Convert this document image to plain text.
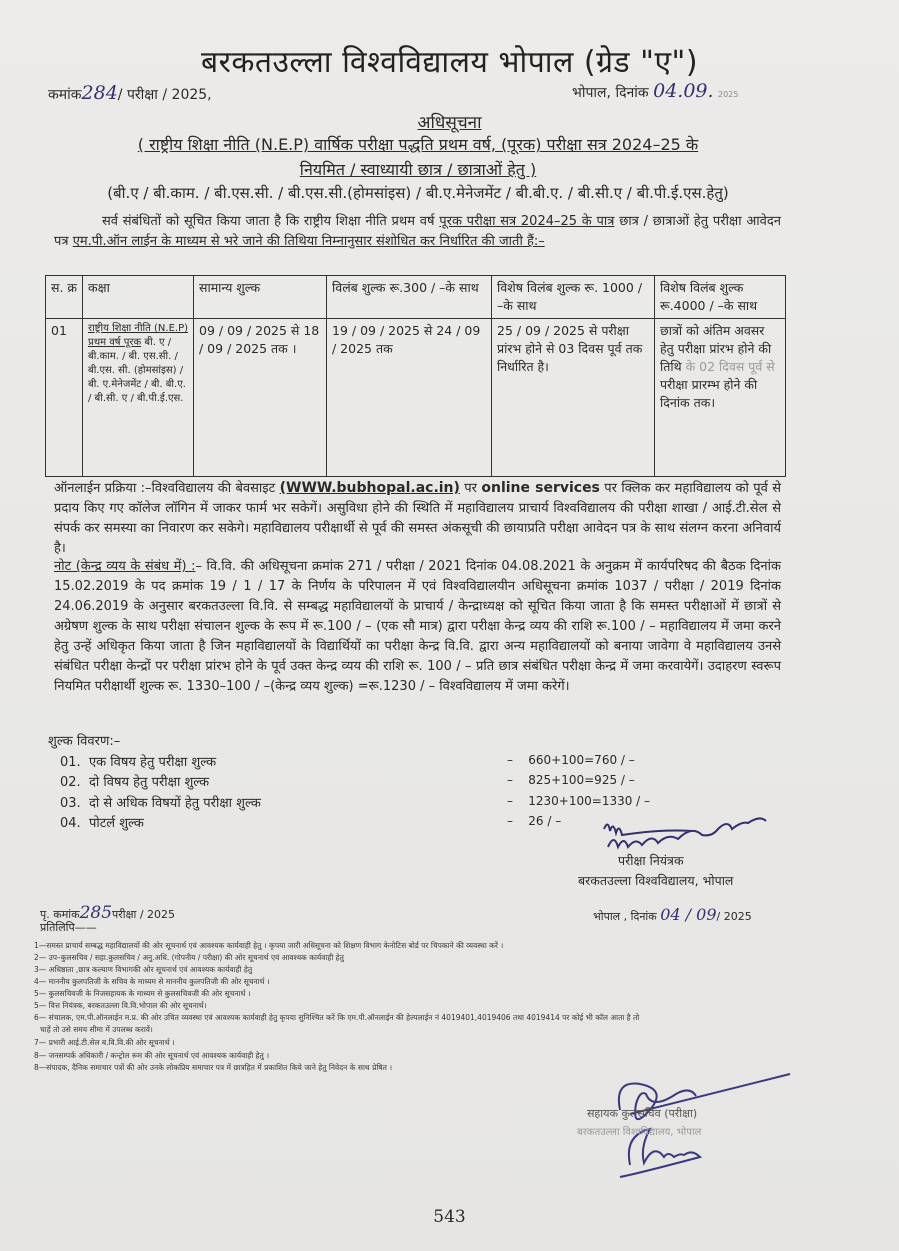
बरकतउल्ला विश्वविद्यालय भोपाल (ग्रेड "ए")
कमांक284/ परीक्षा / 2025,	भोपाल, दिनांक 04.09. 2025
अधिसूचना
( राष्ट्रीय शिक्षा नीति (N.E.P) वार्षिक परीक्षा पद्धति प्रथम वर्ष, (पूरक) परीक्षा सत्र 2024–25 के
नियमित / स्वाध्यायी छात्र / छात्राओं हेतु )
(बी.ए / बी.काम. / बी.एस.सी. / बी.एस.सी.(होमसांइस) / बी.ए.मेनेजमेंट / बी.बी.ए. / बी.सी.ए / बी.पी.ई.एस.हेतु)
सर्व संबंधितों को सूचित किया जाता है कि राष्ट्रीय शिक्षा नीति प्रथम वर्ष पूरक परीक्षा सत्र 2024–25 के पात्र छात्र / छात्राओं हेतु परीक्षा आवेदन पत्र एम.पी.ऑन लाईन के माध्यम से भरे जाने की तिथिया निम्नानुसार संशोधित कर निर्धारित की जाती हैं:–
स. क्र	कक्षा	सामान्य शुल्क	विलंब शुल्क रू.300 / –के साथ	विशेष विलंब शुल्क रू. 1000 / –के साथ	विशेष विलंब शुल्क रू.4000 / –के साथ
01	राष्ट्रीय शिक्षा नीति (N.E.P) प्रथम वर्ष पूरक बी. ए / बी.काम. / बी. एस.सी. / बी.एस. सी. (होमसांइस) / बी. ए.मेनेजमेंट / बी. बी.ए. / बी.सी. ए / बी.पी.ई.एस.	09 / 09 / 2025 से 18 / 09 / 2025 तक ।	19 / 09 / 2025 से 24 / 09 / 2025 तक	25 / 09 / 2025 से परीक्षा प्रांरभ होने से 03 दिवस पूर्व तक निर्धारित है।	छात्रों को अंतिम अवसर हेतु परीक्षा प्रांरभ होने की तिथि के 02 दिवस पूर्व से परीक्षा प्रारम्भ होने की दिनांक तक।
ऑनलाईन प्रक्रिया :–विश्वविद्यालय की बेवसाइट (WWW.bubhopal.ac.in) पर online services पर क्लिक कर महाविद्यालय को पूर्व से प्रदाय किए गए कॉलेज लॉगिन में जाकर फार्म भर सकेगें। असुविधा होने की स्थिति में महाविद्यालय प्राचार्य विश्वविद्यालय की परीक्षा शाखा / आई.टी.सेल से संपर्क कर समस्या का निवारण कर सकेगे। महाविद्यालय परीक्षार्थी से पूर्व की समस्त अंकसूची की छायाप्रति परीक्षा आवेदन पत्र के साथ संलग्न करना अनिवार्य है।
नोट (केन्द्र व्यय के संबंध में) :– वि.वि. की अधिसूचना क्रमांक 271 / परीक्षा / 2021 दिनांक 04.08.2021 के अनुक्रम में कार्यपरिषद की बैठक दिनांक 15.02.2019 के पद क्रमांक 19 / 1 / 17 के निर्णय के परिपालन में एवं विश्वविद्यालयीन अधिसूचना क्रमांक 1037 / परीक्षा / 2019 दिनांक 24.06.2019 के अनुसार बरकतउल्ला वि.वि. से सम्बद्ध महाविद्यालयों के प्राचार्य / केन्द्राध्यक्ष को सूचित किया जाता है कि समस्त परीक्षाओं में छात्रों से अग्रेषण शुल्क के साथ परीक्षा संचालन शुल्क के रूप में रू.100 / – (एक सौ मात्र) द्वारा परीक्षा केन्द्र व्यय की राशि रू.100 / – महाविद्यालय में जमा करने हेतु उन्हें अधिकृत किया जाता है जिन महाविद्यालयों के विद्यार्थियों का परीक्षा केन्द्र वि.वि. द्वारा अन्य महाविद्यालयों को बनाया जावेगा वे महाविद्यालय उनसे संबंधित परीक्षा केन्द्रों पर परीक्षा प्रांरभ होने के पूर्व उक्त केन्द्र व्यय की राशि रू. 100 / – प्रति छात्र संबंधित परीक्षा केन्द्र में जमा करवायेगें। उदाहरण स्वरूप नियमित परीक्षार्थी शुल्क रू. 1330–100 / –(केन्द्र व्यय शुल्क) =रू.1230 / – विश्वविद्यालय में जमा करेगें।
शुल्क विवरण:–
01. एक विषय हेतु परीक्षा शुल्क	– 660+100=760 / –
02. दो विषय हेतु परीक्षा शुल्क	– 825+100=925 / –
03. दो से अधिक विषयों हेतु परीक्षा शुल्क	– 1230+100=1330 / –
04. पोटर्ल शुल्क	– 26 / –
परीक्षा नियंत्रक
बरकतउल्ला विश्वविद्यालय, भोपाल
पृ. कमांक285परीक्षा / 2025
प्रतिलिपि——
भोपाल , दिनांक 04 / 09/ 2025
1—समस्त प्राचार्य सम्बद्ध महाविद्यालयों की ओर सूचनार्थ एवं आवश्यक कार्यवाही हेतु । कृपया जारी अधिसूचना को शिक्षण विभाग केनोटिस बोर्ड पर चिपकाने की व्यवस्था करें ।
2— उप–कुलसचिव / सहा.कुलसचिव / अनु.अधि. (गोपनीय / परीक्षा) की ओर सूचनार्थ एवं आवश्यक कार्यवाही हेतु
3— अधिष्ठाता ,छात्र कल्याण विभागकी ओर सूचनार्थ एवं आवश्यक कार्यवाही हेतु
4— माननीय कुलपतिजी के सचिव के माध्यम से माननीय कुलपतिजी की ओर सूचनार्थ ।
5— कुलसचिवजी के निजसहायक के माध्यम से कुलसचिवजी की ओर सूचनार्थ ।
5— वित्त नियंत्रक, बरकतउल्ला वि.वि.भोपाल की ओर सूचनार्थ।
6— संचालक, एम.पी.ऑनलाईन म.प्र. की ओर उचित व्यवस्था एवं आवश्यक कार्यवाही हेतु कृपया सुनिश्चित करें कि एम.पी.ऑनलाईन की हेल्पलाईन नं 4019401,4019406 तथा 4019414 पर कोई भी कॉल आता है तो
चाहें तो उसे समय सीमा में उपलब्ध करावें।
7— प्रभारी आई.टी.सेल ब.वि.वि.की ओर सूचनार्थ ।
8— जनसम्पर्क अधिकारी / कन्ट्रोल रूम की ओर सूचनार्थ एवं आवश्यक कार्यवाही हेतु ।
8—संपादक, दैनिक समाचार पत्रों की ओर उनके लोकप्रिय समाचार पत्र में छात्रहित में प्रकाशित किये जाने हेतु निवेदन के साथ प्रेषित ।
सहायक कुलसचिव (परीक्षा)
बरकतउल्ला विश्वविद्यालय, भोपाल
543
